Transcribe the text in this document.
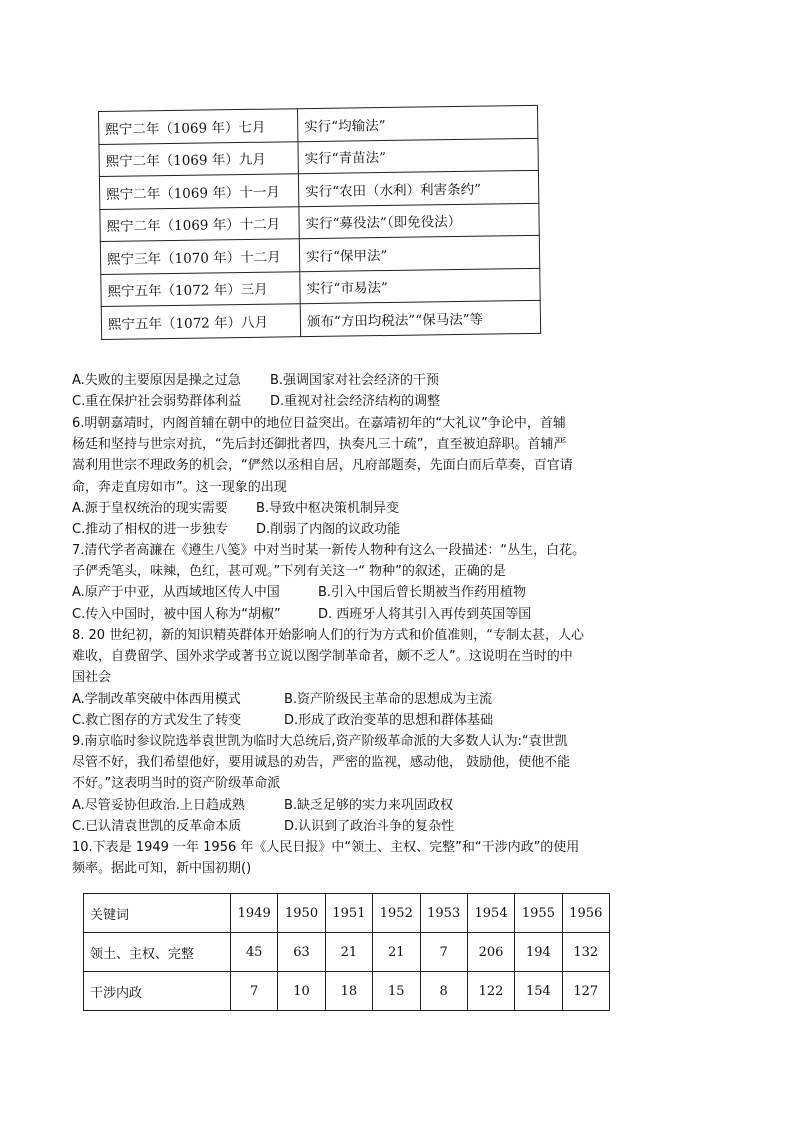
熙宁二年（1069 年）七月	实行“均输法”
熙宁二年（1069 年）九月	实行“青苗法”
熙宁二年（1069 年）十一月	实行“农田（水利）利害条约”
熙宁二年（1069 年）十二月	实行“募役法”（即免役法）
熙宁三年（1070 年）十二月	实行“保甲法”
熙宁五年（1072 年）三月	实行“市易法”
熙宁五年（1072 年）八月	颁布“方田均税法”“保马法”等
A.失败的主要原因是操之过急 B.强调国家对社会经济的干预
C.重在保护社会弱势群体利益 D.重视对社会经济结构的调整
6.明朝嘉靖时，内阁首辅在朝中的地位日益突出。在嘉靖初年的“大礼议”争论中，首辅
杨廷和坚持与世宗对抗，“先后封还御批者四，执奏凡三十疏”，直至被迫辞职。首辅严
嵩利用世宗不理政务的机会，“俨然以丞相自居，凡府部题奏，先面白而后草奏，百官请
命，奔走直房如市”。这一现象的出现
A.源于皇权统治的现实需要 B.导致中枢决策机制异变
C.推动了相权的进一步独专 D.削弱了内阁的议政功能
7.清代学者高濂在《遵生八笺》中对当时某一新传人物种有这么一段描述：“丛生，白花。
子俨秃笔头，味辣，色红，甚可观。”下列有关这一“ 物种”的叙述，正确的是
A.原产于中亚，从西域地区传人中国	B.引入中国后曾长期被当作药用植物
C.传入中国时，被中国人称为“胡椒”	D. 西班牙人将其引入再传到英国等国
8. 20 世纪初，新的知识精英群体开始影响人们的行为方式和价值准则，“专制太甚，人心
难收，自费留学、国外求学或著书立说以图学制革命者，颇不乏人”。这说明在当时的中
国社会
A.学制改革突破中体西用模式	B.资产阶级民主革命的思想成为主流
C.救亡图存的方式发生了转变	D.形成了政治变革的思想和群体基础
9.南京临时参议院选举袁世凯为临时大总统后,资产阶级革命派的大多数人认为:“袁世凯
尽管不好，我们希望他好，要用诚恳的劝告，严密的监视，感动他， 鼓励他，使他不能
不好。”这表明当时的资产阶级革命派
A.尽管妥协但政治.上日趋成熟	B.缺乏足够的实力来巩固政权
C.已认清袁世凯的反革命本质	D.认识到了政治斗争的复杂性
10.下表是 1949 一年 1956 年《人民日报》中“领土、主权、完整”和“干涉内政”的使用
频率。据此可知，新中国初期()
关键词	1949	1950	1951	1952	1953	1954	1955	1956
领土、主权、完整	45	63	21	21	7	206	194	132
干涉内政	7	10	18	15	8	122	154	127
